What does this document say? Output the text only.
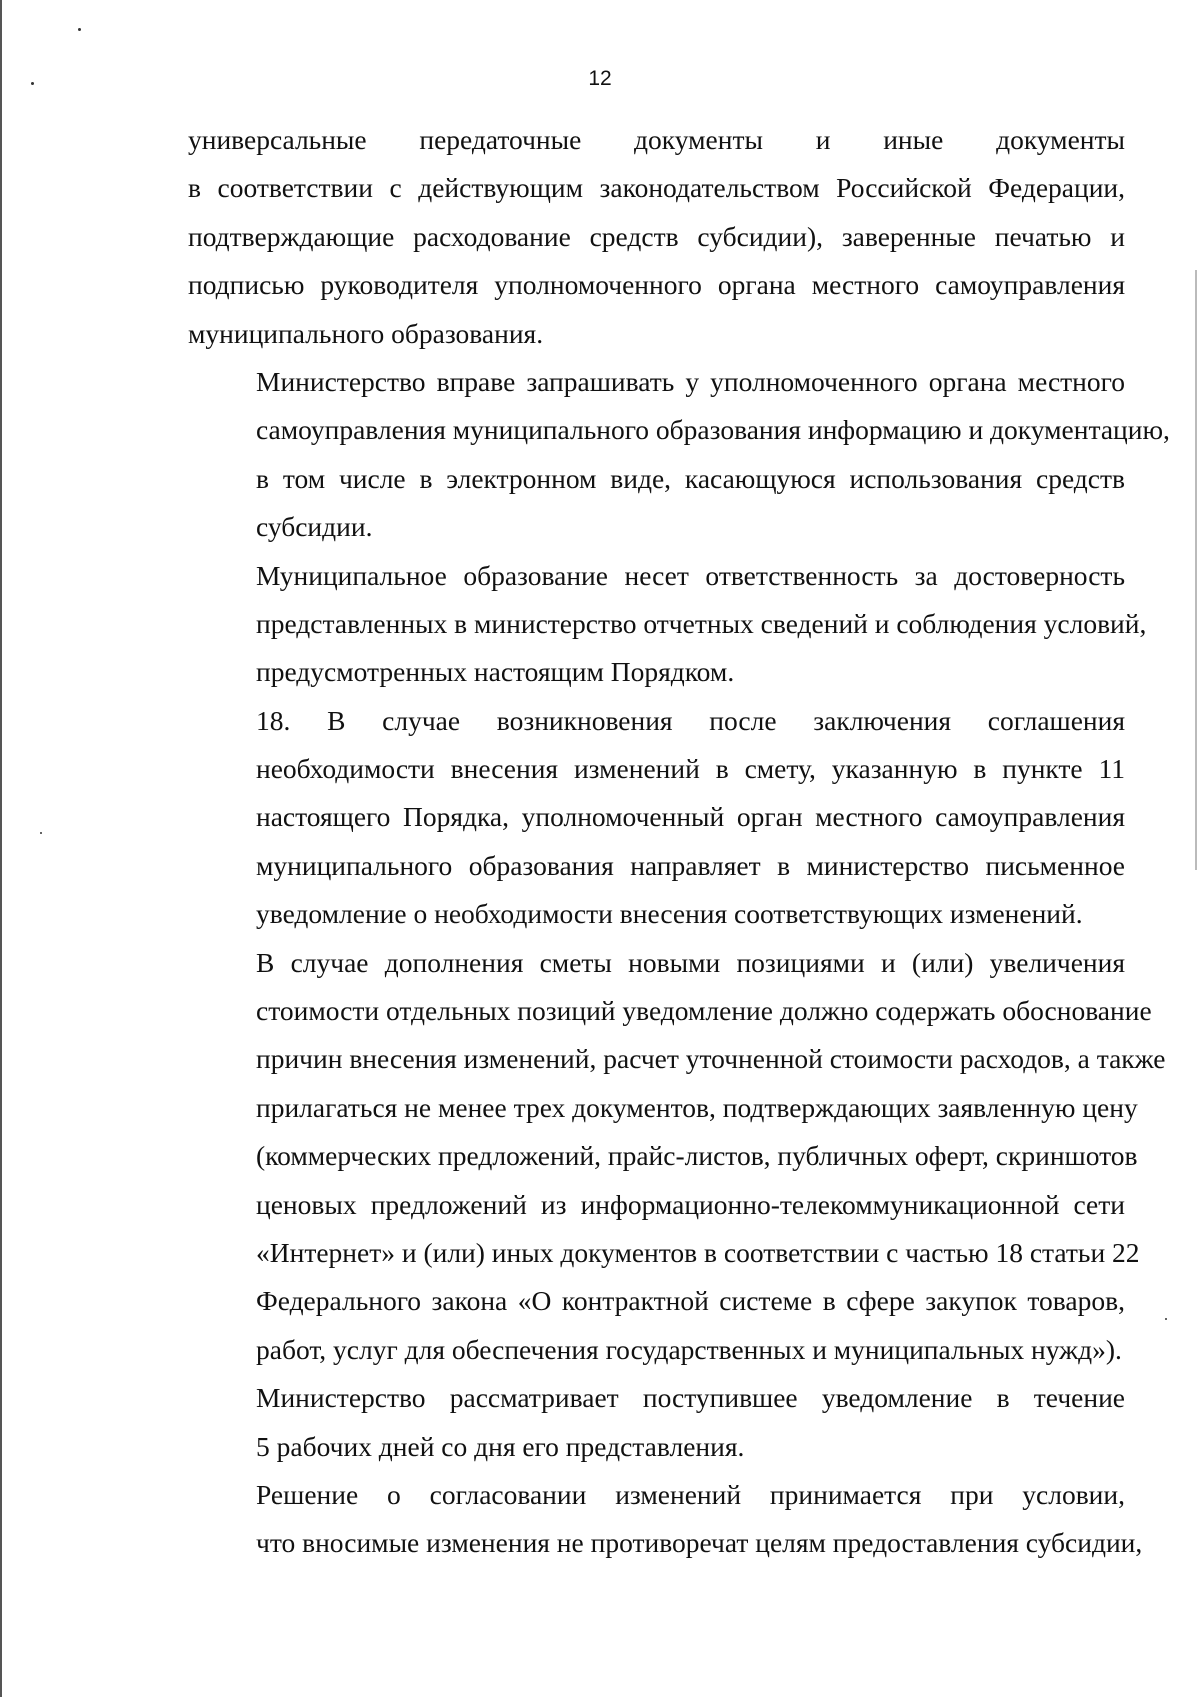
12
универсальные передаточные документы и иные документы
в соответствии с действующим законодательством Российской Федерации,
подтверждающие расходование средств субсидии), заверенные печатью и
подписью руководителя уполномоченного органа местного самоуправления
муниципального образования.
Министерство вправе запрашивать у уполномоченного органа местного
самоуправления муниципального образования информацию и документацию,
в том числе в электронном виде, касающуюся использования средств
субсидии.
Муниципальное образование несет ответственность за достоверность
представленных в министерство отчетных сведений и соблюдения условий,
предусмотренных настоящим Порядком.
18. В случае возникновения после заключения соглашения
необходимости внесения изменений в смету, указанную в пункте 11
настоящего Порядка, уполномоченный орган местного самоуправления
муниципального образования направляет в министерство письменное
уведомление о необходимости внесения соответствующих изменений.
В случае дополнения сметы новыми позициями и (или) увеличения
стоимости отдельных позиций уведомление должно содержать обоснование
причин внесения изменений, расчет уточненной стоимости расходов, а также
прилагаться не менее трех документов, подтверждающих заявленную цену
(коммерческих предложений, прайс-листов, публичных оферт, скриншотов
ценовых предложений из информационно-телекоммуникационной сети
«Интернет» и (или) иных документов в соответствии с частью 18 статьи 22
Федерального закона «О контрактной системе в сфере закупок товаров,
работ, услуг для обеспечения государственных и муниципальных нужд»).
Министерство рассматривает поступившее уведомление в течение
5 рабочих дней со дня его представления.
Решение о согласовании изменений принимается при условии,
что вносимые изменения не противоречат целям предоставления субсидии,
